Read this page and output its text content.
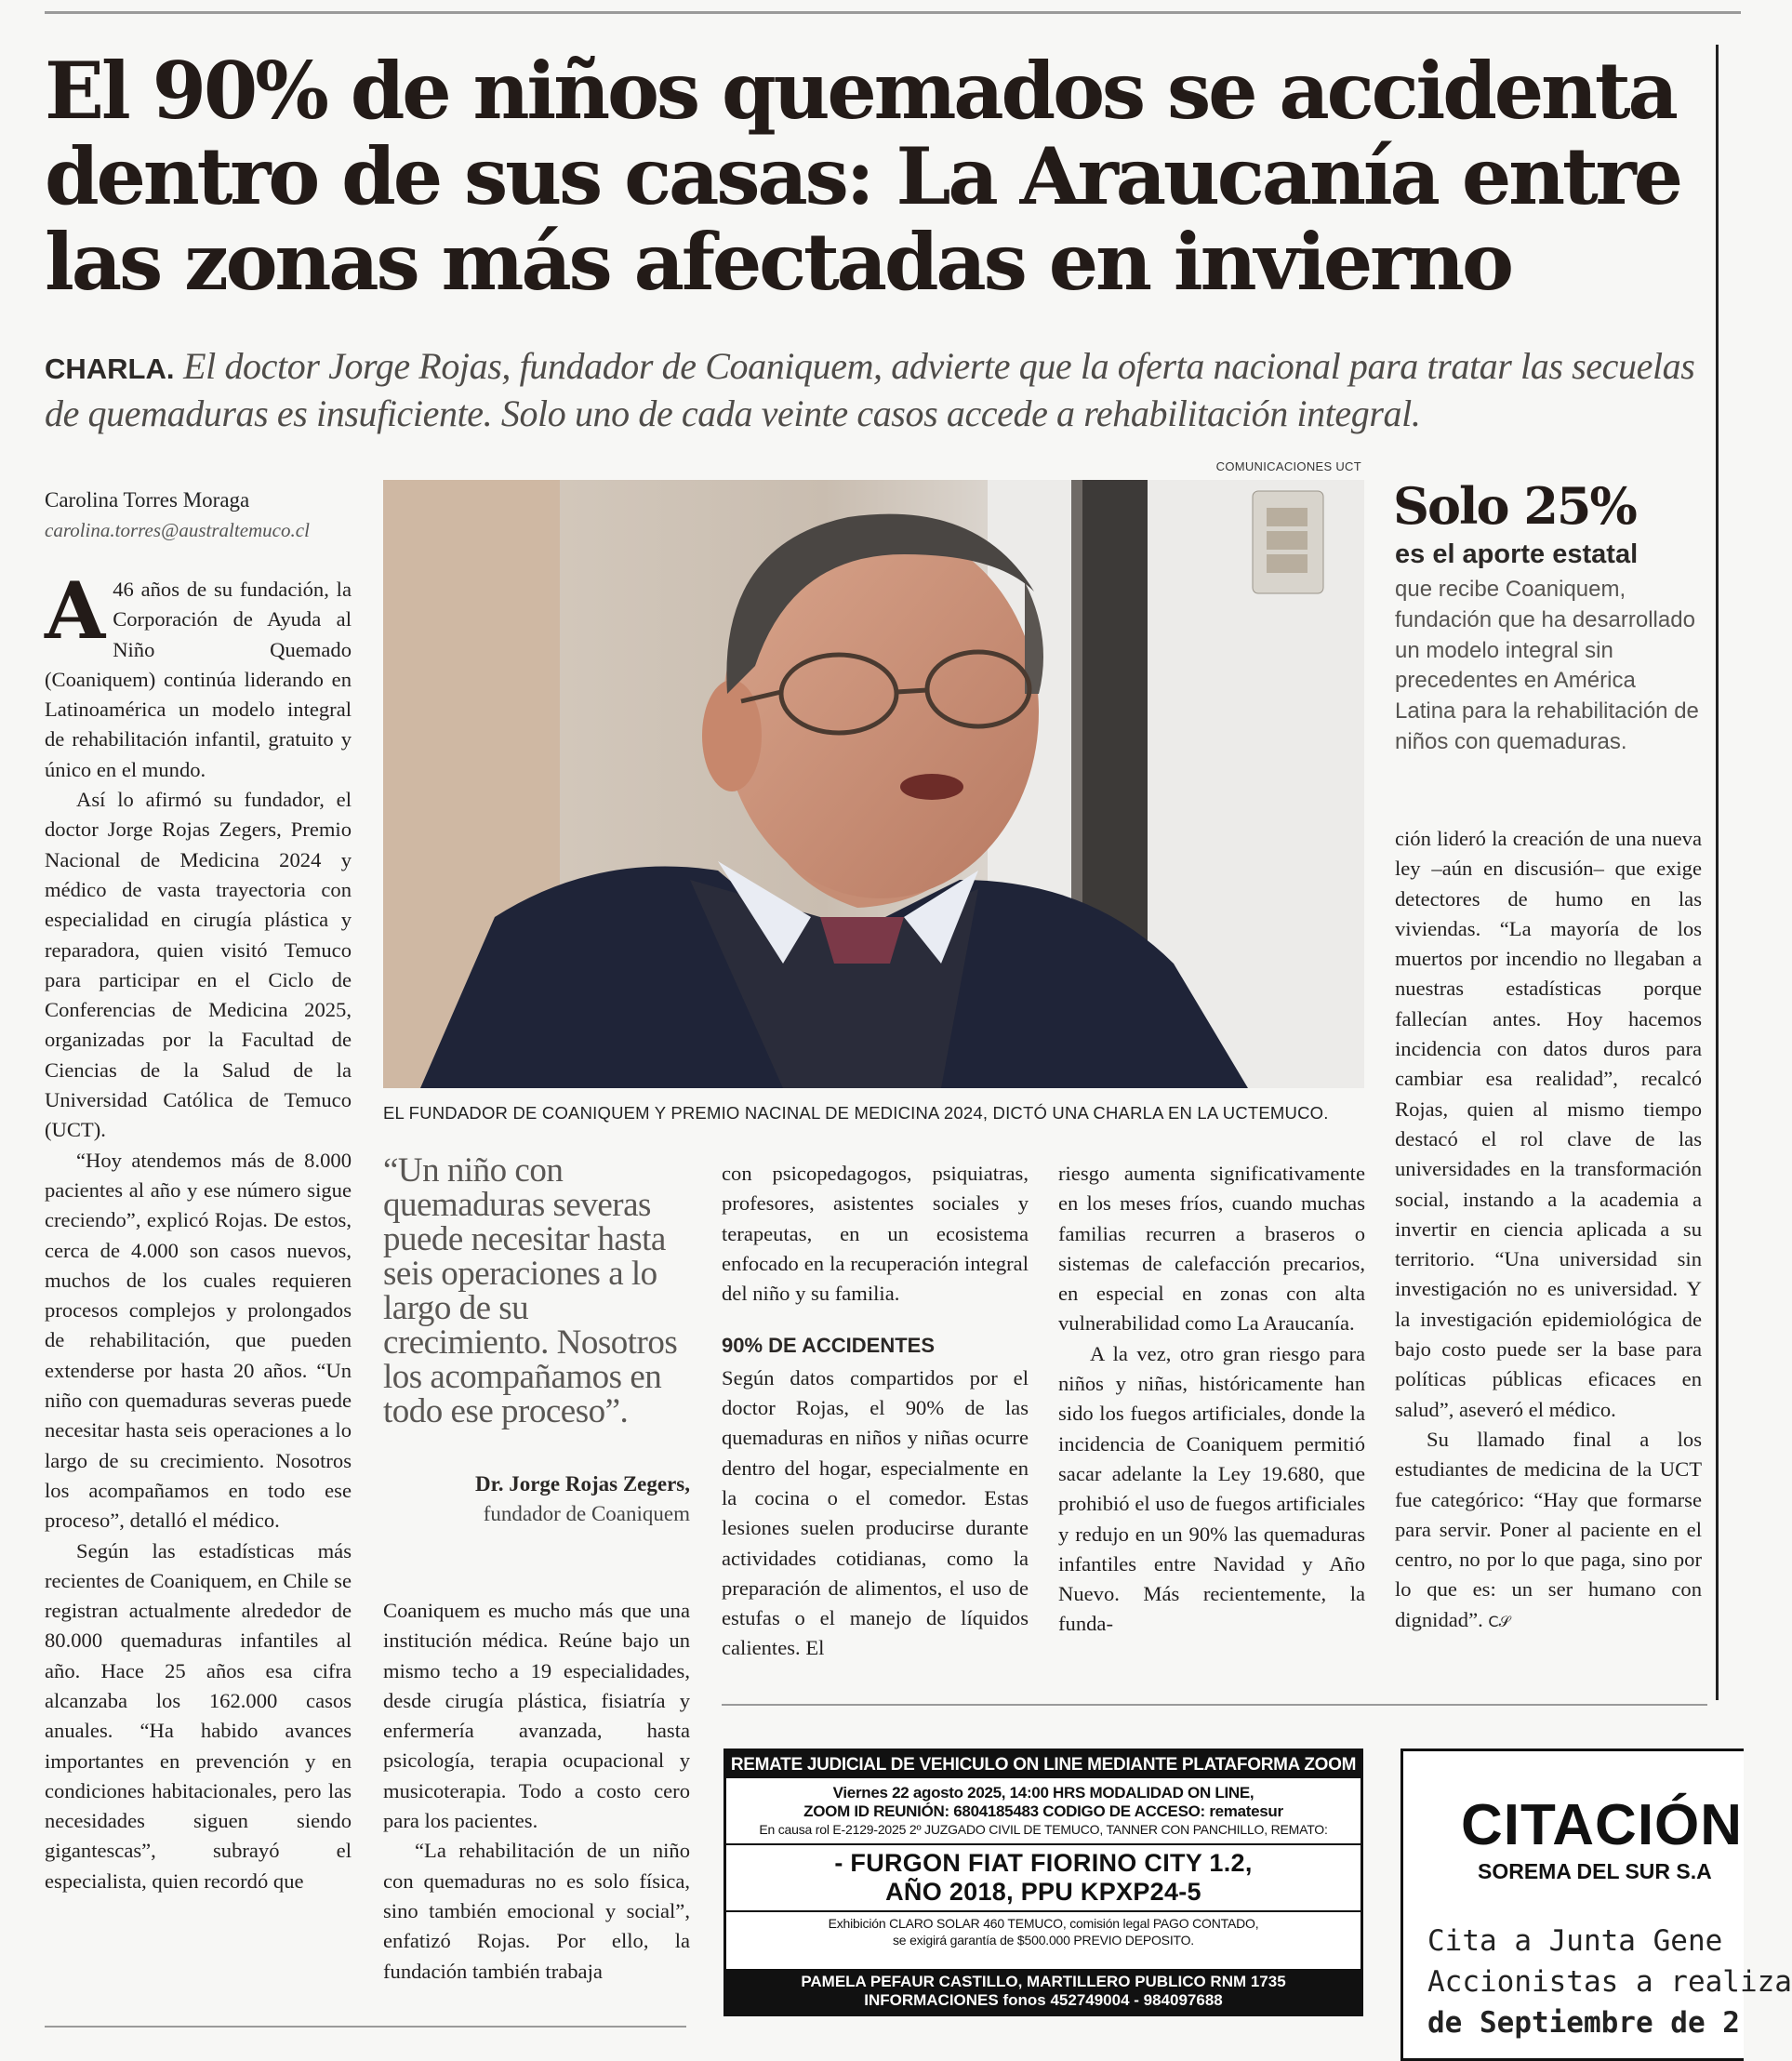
El 90% de niños quemados se accidenta dentro de sus casas: La Araucanía entre las zonas más afectadas en invierno

CHARLA. El doctor Jorge Rojas, fundador de Coaniquem, advierte que la oferta nacional para tratar las secuelas de quemaduras es insuficiente. Solo uno de cada veinte casos accede a rehabilitación integral.

Carolina Torres Moraga
carolina.torres@australtemuco.cl

A 46 años de su fundación, la Corporación de Ayuda al Niño Quemado (Coaniquem) continúa liderando en Latinoamérica un modelo integral de rehabilitación infantil, gratuito y único en el mundo.

Así lo afirmó su fundador, el doctor Jorge Rojas Zegers, Premio Nacional de Medicina 2024 y médico de vasta trayectoria con especialidad en cirugía plástica y reparadora, quien visitó Temuco para participar en el Ciclo de Conferencias de Medicina 2025, organizadas por la Facultad de Ciencias de la Salud de la Universidad Católica de Temuco (UCT).

“Hoy atendemos más de 8.000 pacientes al año y ese número sigue creciendo”, explicó Rojas. De estos, cerca de 4.000 son casos nuevos, muchos de los cuales requieren procesos complejos y prolongados de rehabilitación, que pueden extenderse por hasta 20 años. “Un niño con quemaduras severas puede necesitar hasta seis operaciones a lo largo de su crecimiento. Nosotros los acompañamos en todo ese proceso”, detalló el médico.

Según las estadísticas más recientes de Coaniquem, en Chile se registran actualmente alrededor de 80.000 quemaduras infantiles al año. Hace 25 años esa cifra alcanzaba los 162.000 casos anuales. “Ha habido avances importantes en prevención y en condiciones habitacionales, pero las necesidades siguen siendo gigantescas”, subrayó el especialista, quien recordó que

COMUNICACIONES UCT
EL FUNDADOR DE COANIQUEM Y PREMIO NACINAL DE MEDICINA 2024, DICTÓ UNA CHARLA EN LA UCTEMUCO.
Solo 25%
es el aporte estatal
que recibe Coaniquem, fundación que ha desarrollado un modelo integral sin precedentes en América Latina para la rehabilitación de niños con quemaduras.
“Un niño con quemaduras severas puede necesitar hasta seis operaciones a lo largo de su crecimiento. Nosotros los acompañamos en todo ese proceso”.
Dr. Jorge Rojas Zegers,
fundador de Coaniquem

Coaniquem es mucho más que una institución médica. Reúne bajo un mismo techo a 19 especialidades, desde cirugía plástica, fisiatría y enfermería avanzada, hasta psicología, terapia ocupacional y musicoterapia. Todo a costo cero para los pacientes.

“La rehabilitación de un niño con quemaduras no es solo física, sino también emocional y social”, enfatizó Rojas. Por ello, la fundación también trabaja

con psicopedagogos, psiquiatras, profesores, asistentes sociales y terapeutas, en un ecosistema enfocado en la recuperación integral del niño y su familia.

90% DE ACCIDENTES

Según datos compartidos por el doctor Rojas, el 90% de las quemaduras en niños y niñas ocurre dentro del hogar, especialmente en la cocina o el comedor. Estas lesiones suelen producirse durante actividades cotidianas, como la preparación de alimentos, el uso de estufas o el manejo de líquidos calientes. El

riesgo aumenta significativamente en los meses fríos, cuando muchas familias recurren a braseros o sistemas de calefacción precarios, en especial en zonas con alta vulnerabilidad como La Araucanía.

A la vez, otro gran riesgo para niños y niñas, históricamente han sido los fuegos artificiales, donde la incidencia de Coaniquem permitió sacar adelante la Ley 19.680, que prohibió el uso de fuegos artificiales y redujo en un 90% las quemaduras infantiles entre Navidad y Año Nuevo. Más recientemente, la funda-

ción lideró la creación de una nueva ley –aún en discusión– que exige detectores de humo en las viviendas. “La mayoría de los muertos por incendio no llegaban a nuestras estadísticas porque fallecían antes. Hoy hacemos incidencia con datos duros para cambiar esa realidad”, recalcó Rojas, quien al mismo tiempo destacó el rol clave de las universidades en la transformación social, instando a la academia a invertir en ciencia aplicada a su territorio. “Una universidad sin investigación no es universidad. Y la investigación epidemiológica de bajo costo puede ser la base para políticas públicas eficaces en salud”, aseveró el médico.

Su llamado final a los estudiantes de medicina de la UCT fue categórico: “Hay que formarse para servir. Poner al paciente en el centro, no por lo que paga, sino por lo que es: un ser humano con dignidad”. C𝒮

REMATE JUDICIAL DE VEHICULO ON LINE MEDIANTE PLATAFORMA ZOOM
Viernes 22 agosto 2025, 14:00 HRS MODALIDAD ON LINE,
ZOOM ID REUNIÓN: 6804185483 CODIGO DE ACCESO: rematesur
En causa rol E-2129-2025 2º JUZGADO CIVIL DE TEMUCO, TANNER CON PANCHILLO, REMATO:
- FURGON FIAT FIORINO CITY 1.2,
AÑO 2018, PPU KPXP24-5
Exhibición CLARO SOLAR 460 TEMUCO, comisión legal PAGO CONTADO,
se exigirá garantía de $500.000 PREVIO DEPOSITO.
PAMELA PEFAUR CASTILLO, MARTILLERO PUBLICO RNM 1735
INFORMACIONES fonos 452749004 - 984097688
CITACIÓN
SOREMA DEL SUR S.A
Cita a Junta Gene
Accionistas a realiza
de Septiembre de 2
